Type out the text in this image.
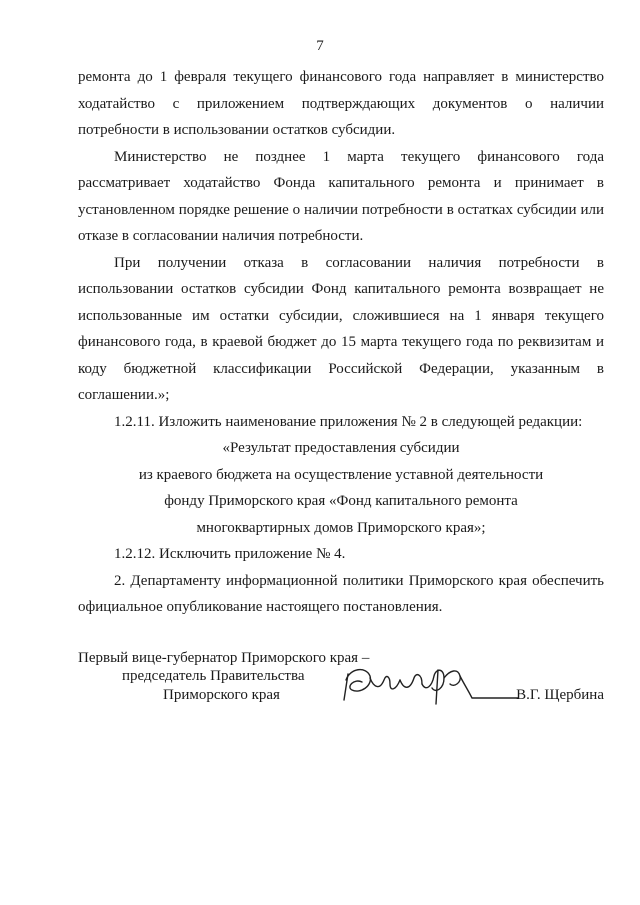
7

ремонта до 1 февраля текущего финансового года направляет в министерство

ходатайство с приложением подтверждающих документов о наличии

потребности в использовании остатков субсидии.

Министерство не позднее 1 марта текущего финансового года рассматривает ходатайство Фонда капитального ремонта и принимает в установленном порядке решение о наличии потребности в остатках субсидии или отказе в согласовании наличия потребности.

При получении отказа в согласовании наличия потребности в использовании остатков субсидии Фонд капитального ремонта возвращает не использованные им остатки субсидии, сложившиеся на 1 января текущего финансового года, в краевой бюджет до 15 марта текущего года по реквизитам и коду бюджетной классификации Российской Федерации, указанным в соглашении.»;

1.2.11. Изложить наименование приложения № 2 в следующей редакции:

«Результат предоставления субсидии

из краевого бюджета на осуществление уставной деятельности

фонду Приморского края «Фонд капитального ремонта

многоквартирных домов Приморского края»;

1.2.12. Исключить приложение № 4.

2. Департаменту информационной политики Приморского края обеспечить официальное опубликование настоящего постановления.

Первый вице-губернатор Приморского края –
председатель Правительства
Приморского края	В.Г. Щербина
